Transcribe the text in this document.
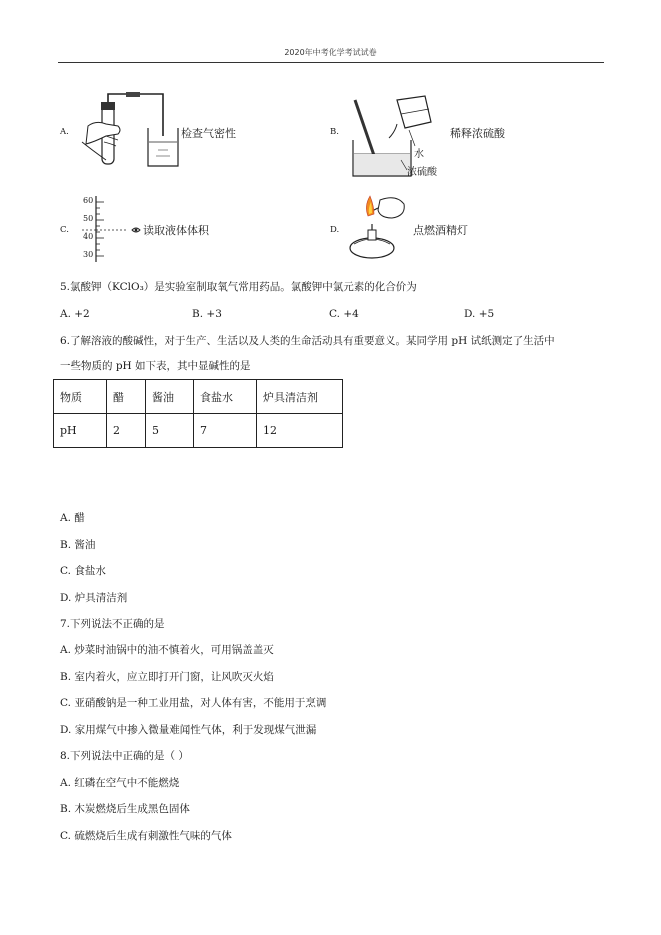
2020年中考化学考试试卷
A.	检查气密性	B.	稀释浓硫酸
水
浓硫酸
C.
60
50
40
30
读取液体体积	D.	点燃酒精灯
5.氯酸钾（KClO₃）是实验室制取氧气常用药品。氯酸钾中氯元素的化合价为
A. +2	B. +3	C. +4	D. +5
6.了解溶液的酸碱性，对于生产、生活以及人类的生命活动具有重要意义。某同学用 pH 试纸测定了生活中
一些物质的 pH 如下表，其中显碱性的是
物质	醋	酱油	食盐水	炉具清洁剂
pH	2	5	7	12
A. 醋
B. 酱油
C. 食盐水
D. 炉具清洁剂
7.下列说法不正确的是
A. 炒菜时油锅中的油不慎着火，可用锅盖盖灭
B. 室内着火，应立即打开门窗，让风吹灭火焰
C. 亚硝酸钠是一种工业用盐，对人体有害，不能用于烹调
D. 家用煤气中掺入微量难闻性气体，利于发现煤气泄漏
8.下列说法中正确的是（ ）
A. 红磷在空气中不能燃烧
B. 木炭燃烧后生成黑色固体
C. 硫燃烧后生成有刺激性气味的气体
